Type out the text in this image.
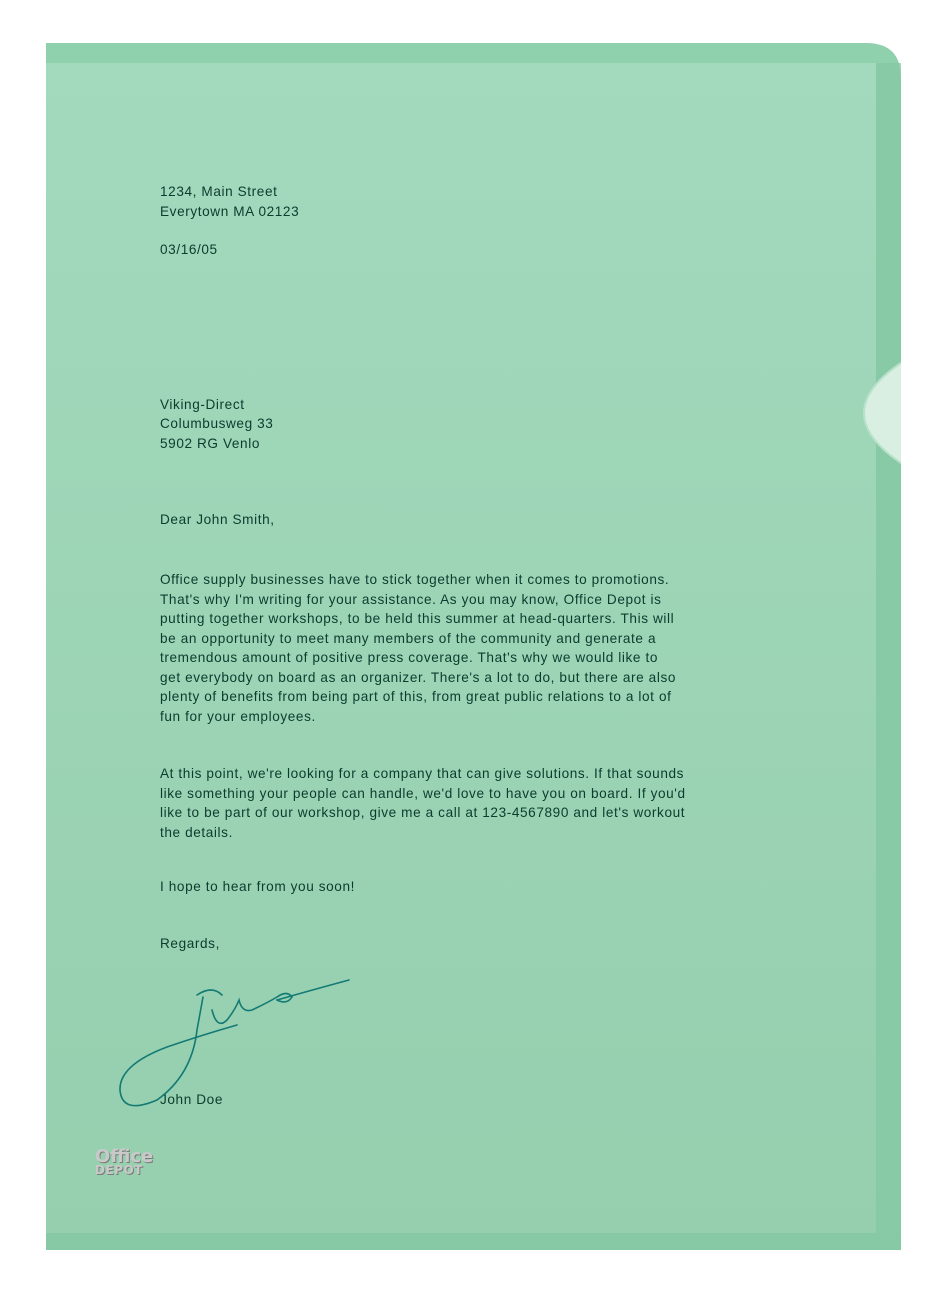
1234, Main Street
Everytown MA 02123
03/16/05
Viking-Direct
Columbusweg 33
5902 RG Venlo
Dear John Smith,
Office supply businesses have to stick together when it comes to promotions.
That's why I'm writing for your assistance. As you may know, Office Depot is
putting together workshops, to be held this summer at head-quarters. This will
be an opportunity to meet many members of the community and generate a
tremendous amount of positive press coverage. That's why we would like to
get everybody on board as an organizer. There's a lot to do, but there are also
plenty of benefits from being part of this, from great public relations to a lot of
fun for your employees.
At this point, we're looking for a company that can give solutions. If that sounds
like something your people can handle, we'd love to have you on board. If you'd
like to be part of our workshop, give me a call at 123-4567890 and let's workout
the details.
I hope to hear from you soon!
Regards,
John Doe
Office
DEPOT
